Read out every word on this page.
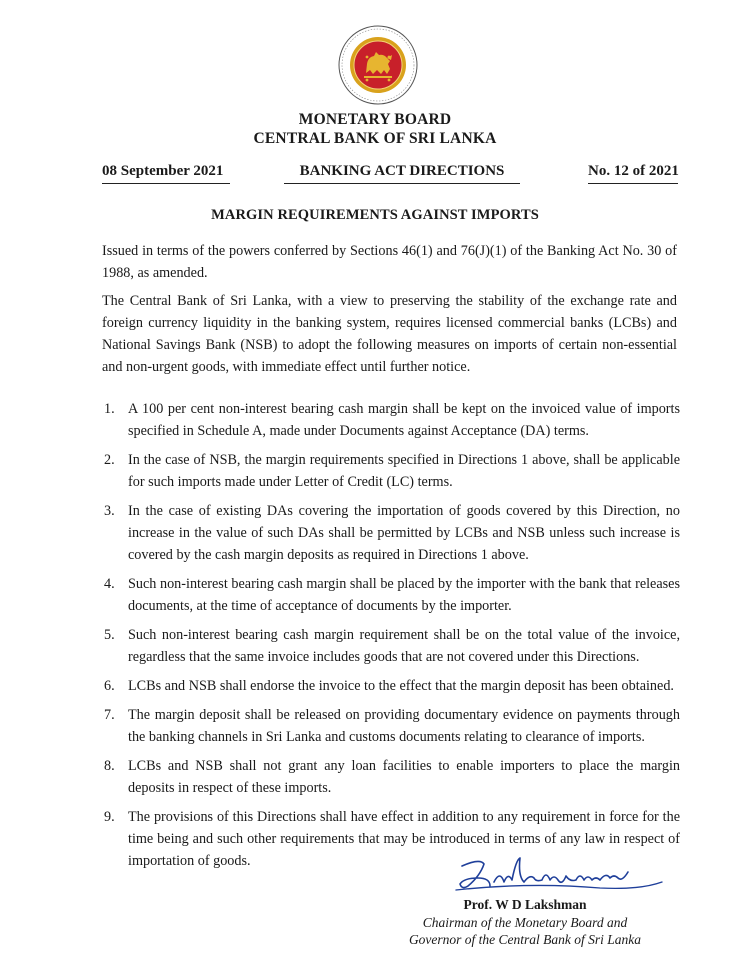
MONETARY BOARD
CENTRAL BANK OF SRI LANKA
08 September 2021	BANKING ACT DIRECTIONS	No. 12 of 2021
MARGIN REQUIREMENTS AGAINST IMPORTS

Issued in terms of the powers conferred by Sections 46(1) and 76(J)(1) of the Banking Act No. 30 of 1988, as amended.

The Central Bank of Sri Lanka, with a view to preserving the stability of the exchange rate and foreign currency liquidity in the banking system, requires licensed commercial banks (LCBs) and National Savings Bank (NSB) to adopt the following measures on imports of certain non-essential and non-urgent goods, with immediate effect until further notice.

1. A 100 per cent non-interest bearing cash margin shall be kept on the invoiced value of imports specified in Schedule A, made under Documents against Acceptance (DA) terms.
2. In the case of NSB, the margin requirements specified in Directions 1 above, shall be applicable for such imports made under Letter of Credit (LC) terms.
3. In the case of existing DAs covering the importation of goods covered by this Direction, no increase in the value of such DAs shall be permitted by LCBs and NSB unless such increase is covered by the cash margin deposits as required in Directions 1 above.
4. Such non-interest bearing cash margin shall be placed by the importer with the bank that releases documents, at the time of acceptance of documents by the importer.
5. Such non-interest bearing cash margin requirement shall be on the total value of the invoice, regardless that the same invoice includes goods that are not covered under this Directions.
6. LCBs and NSB shall endorse the invoice to the effect that the margin deposit has been obtained.
7. The margin deposit shall be released on providing documentary evidence on payments through the banking channels in Sri Lanka and customs documents relating to clearance of imports.
8. LCBs and NSB shall not grant any loan facilities to enable importers to place the margin deposits in respect of these imports.
9. The provisions of this Directions shall have effect in addition to any requirement in force for the time being and such other requirements that may be introduced in terms of any law in respect of importation of goods.
Prof. W D Lakshman
Chairman of the Monetary Board and
Governor of the Central Bank of Sri Lanka
